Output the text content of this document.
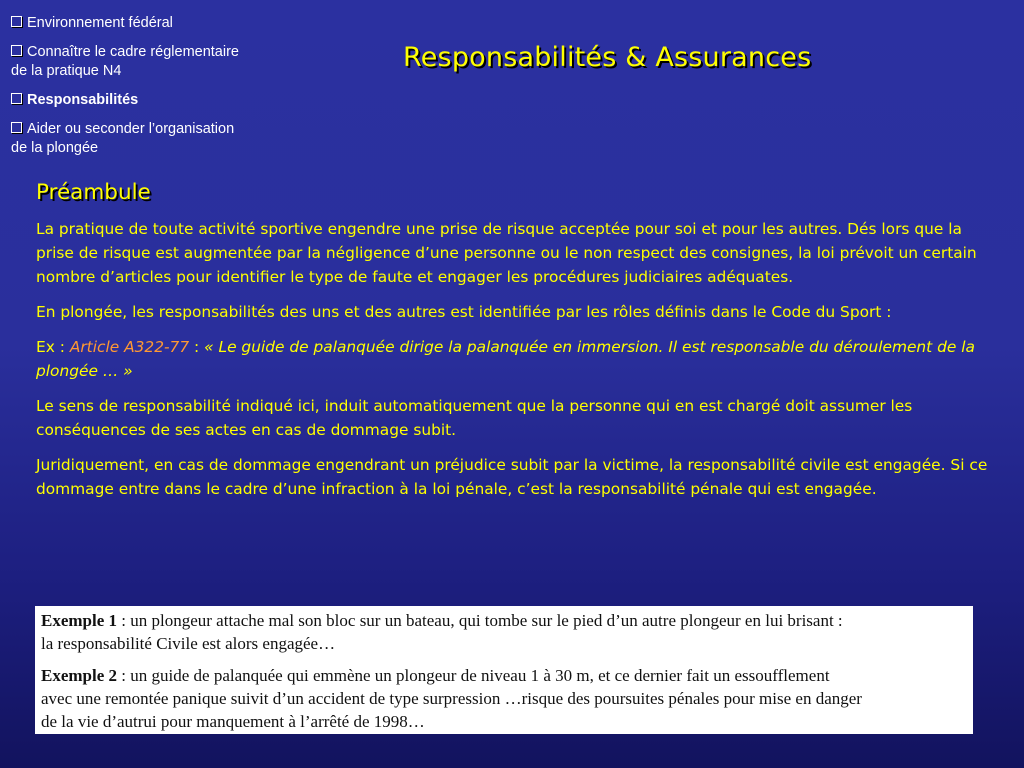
Environnement fédéral
Connaître le cadre réglementaire
de la pratique N4
Responsabilités
Aider ou seconder l’organisation
de la plongée
Responsabilités & Assurances
Préambule

La pratique de toute activité sportive engendre une prise de risque acceptée pour soi et pour les autres. Dés lors que la prise de risque est augmentée par la négligence d’une personne ou le non respect des consignes, la loi prévoit un certain nombre d’articles pour identifier le type de faute et engager les procédures judiciaires adéquates.

En plongée, les responsabilités des uns et des autres est identifiée par les rôles définis dans le Code du Sport :

Ex : Article A322-77 : « Le guide de palanquée dirige la palanquée en immersion. Il est responsable du déroulement de la plongée … »

Le sens de responsabilité indiqué ici, induit automatiquement que la personne qui en est chargé doit assumer les conséquences de ses actes en cas de dommage subit.

Juridiquement, en cas de dommage engendrant un préjudice subit par la victime, la responsabilité civile est engagée. Si ce dommage entre dans le cadre d’une infraction à la loi pénale, c’est la responsabilité pénale qui est engagée.

Exemple 1 : un plongeur attache mal son bloc sur un bateau, qui tombe sur le pied d’un autre plongeur en lui brisant :
la responsabilité Civile est alors engagée…
Exemple 2 : un guide de palanquée qui emmène un plongeur de niveau 1 à 30 m, et ce dernier fait un essoufflement
avec une remontée panique suivit d’un accident de type surpression …risque des poursuites pénales pour mise en danger
de la vie d’autrui pour manquement à l’arrêté de 1998…
